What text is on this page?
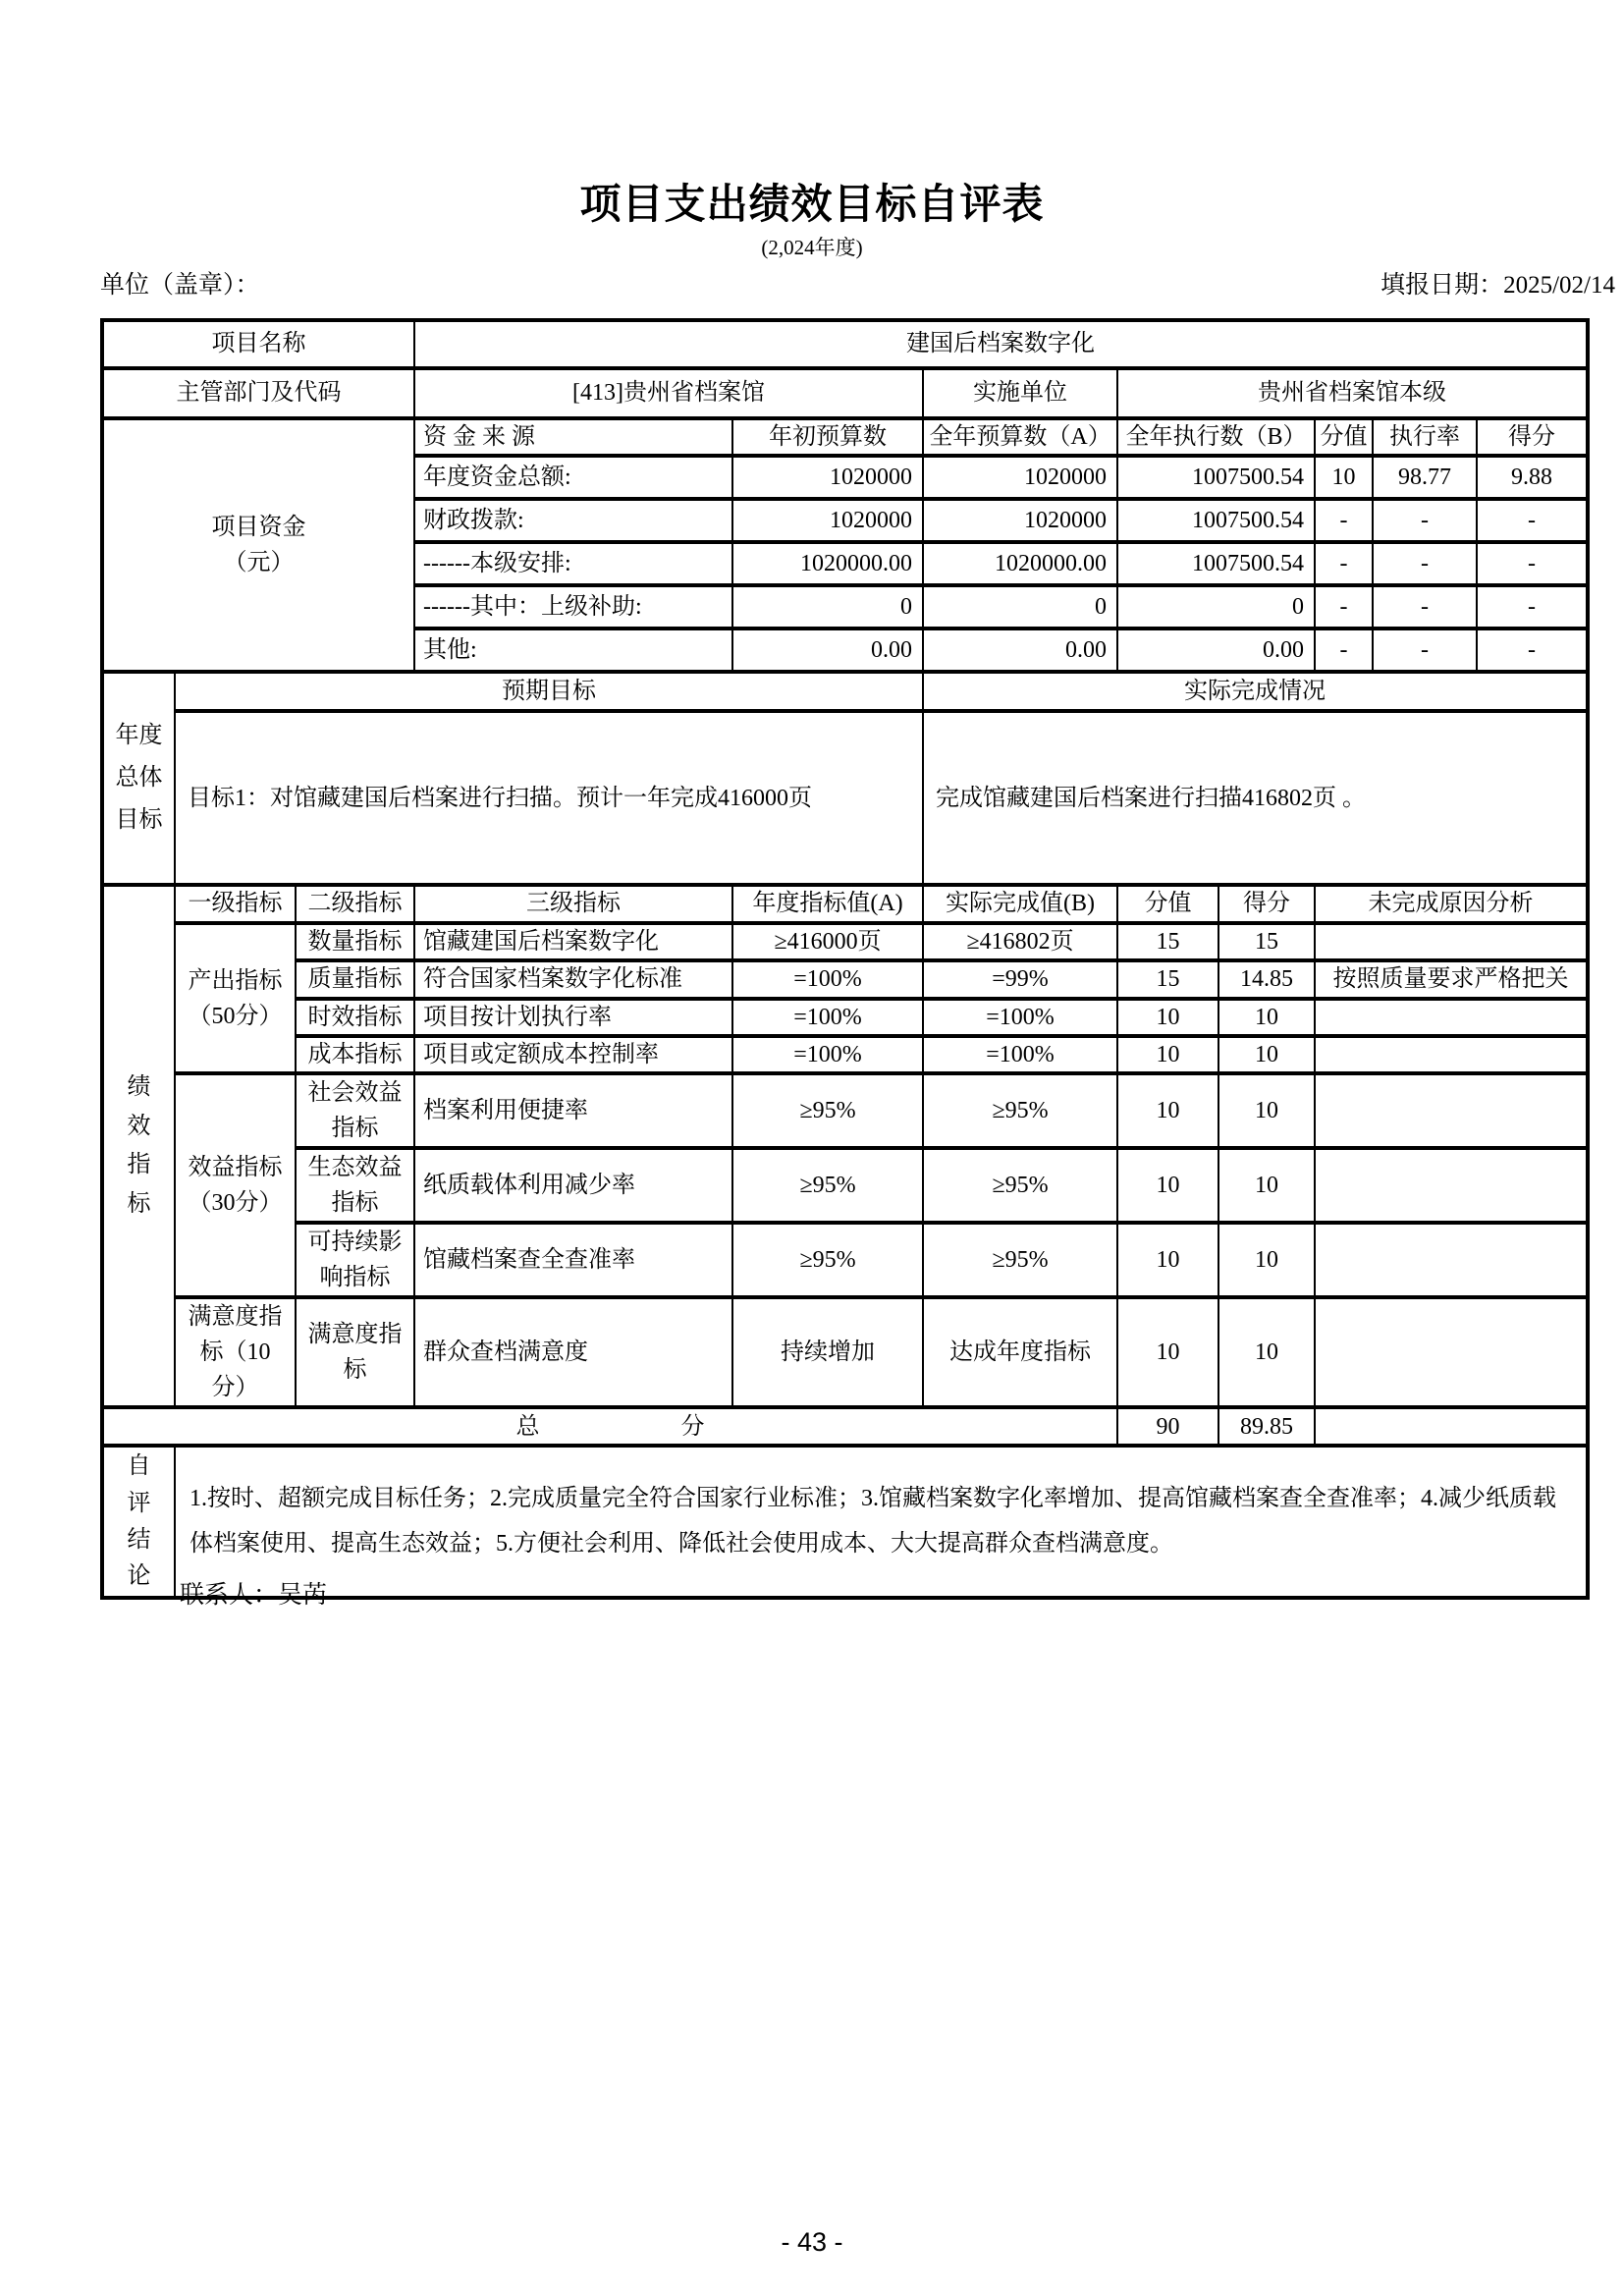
项目支出绩效目标自评表
(2,024年度)
单位（盖章）：	填报日期：2025/02/14
项目名称			建国后档案数字化							
主管部门及代码			[413]贵州省档案馆		实施单位	贵州省档案馆本级				
项目资金（元）			资 金 来 源	年初预算数	全年预算数（A）	全年执行数（B）		分值	执行率	得分
			年度资金总额:	1020000	1020000	1007500.54		10	98.77	9.88
			财政拨款:	1020000	1020000	1007500.54		-	-	-
			------本级安排:	1020000.00	1020000.00	1007500.54		-	-	-
			------其中：上级补助:	0	0	0		-	-	-
			其他:	0.00	0.00	0.00		-	-	-
年度总体目标	预期目标				实际完成情况					
	目标1：对馆藏建国后档案进行扫描。预计一年完成416000页				完成馆藏建国后档案进行扫描416802页 。					
绩效指标	一级指标	二级指标	三级指标	年度指标值(A)	实际完成值(B)	分值	得分	未完成原因分析		
	产出指标（50分）	数量指标	馆藏建国后档案数字化	≥416000页	≥416802页	15	15			
		质量指标	符合国家档案数字化标准	=100%	=99%	15	14.85	按照质量要求严格把关		
		时效指标	项目按计划执行率	=100%	=100%	10	10			
		成本指标	项目或定额成本控制率	=100%	=100%	10	10			
	效益指标（30分）	社会效益指标	档案利用便捷率	≥95%	≥95%	10	10			
		生态效益指标	纸质载体利用减少率	≥95%	≥95%	10	10			
		可持续影响指标	馆藏档案查全查准率	≥95%	≥95%	10	10			
	满意度指标（10分）	满意度指标	群众查档满意度	持续增加	达成年度指标	10	10			
总　　　　　　分						90	89.85			
自评结论	1.按时、超额完成目标任务；2.完成质量完全符合国家行业标准；3.馆藏档案数字化率增加、提高馆藏档案查全查准率；4.减少纸质载体档案使用、提高生态效益；5.方便社会利用、降低社会使用成本、大大提高群众查档满意度。									
联系人：吴芮
- 43 -
